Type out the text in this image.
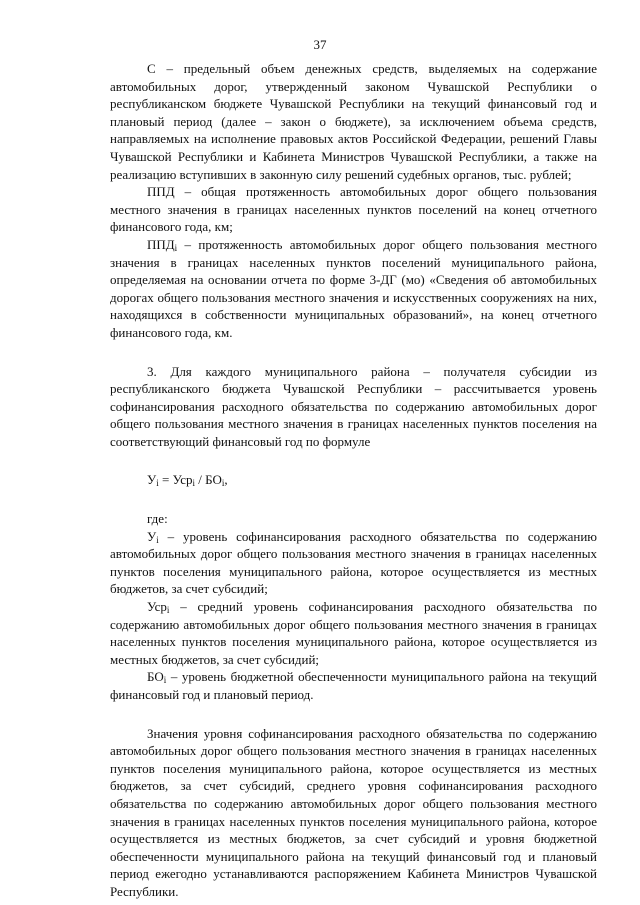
37

С – предельный объем денежных средств, выделяемых на содержание автомобильных дорог, утвержденный законом Чувашской Республики о республиканском бюджете Чувашской Республики на текущий финансовый год и плановый период (далее – закон о бюджете), за исключением объема средств, направляемых на исполнение правовых актов Российской Федерации, решений Главы Чувашской Республики и Кабинета Министров Чувашской Республики, а также на реализацию вступивших в законную силу решений судебных органов, тыс. рублей;

ППД – общая протяженность автомобильных дорог общего пользования местного значения в границах населенных пунктов поселений на конец отчетного финансового года, км;

$ППД_i$ – протяженность автомобильных дорог общего пользования местного значения в границах населенных пунктов поселений муниципального района, определяемая на основании отчета по форме 3-ДГ (мо) «Сведения об автомобильных дорогах общего пользования местного значения и искусственных сооружениях на них, находящихся в собственности муниципальных образований», на конец отчетного финансового года, км.

3. Для каждого муниципального района – получателя субсидии из республиканского бюджета Чувашской Республики – рассчитывается уровень софинансирования расходного обязательства по содержанию автомобильных дорог общего пользования местного значения в границах населенных пунктов поселения на соответствующий финансовый год по формуле

$У_i = Уср_i / БО_i$,

где:

$У_i$ – уровень софинансирования расходного обязательства по содержанию автомобильных дорог общего пользования местного значения в границах населенных пунктов поселения муниципального района, которое осуществляется из местных бюджетов, за счет субсидий;

Уср$_i$ – средний уровень софинансирования расходного обязательства по содержанию автомобильных дорог общего пользования местного значения в границах населенных пунктов поселения муниципального района, которое осуществляется из местных бюджетов, за счет субсидий;

$БО_i$ – уровень бюджетной обеспеченности муниципального района на текущий финансовый год и плановый период.

Значения уровня софинансирования расходного обязательства по содержанию автомобильных дорог общего пользования местного значения в границах населенных пунктов поселения муниципального района, которое осуществляется из местных бюджетов, за счет субсидий, среднего уровня софинансирования расходного обязательства по содержанию автомобильных дорог общего пользования местного значения в границах населенных пунктов поселения муниципального района, которое осуществляется из местных бюджетов, за счет субсидий и уровня бюджетной обеспеченности муниципального района на текущий финансовый год и плановый период ежегодно устанавливаются распоряжением Кабинета Министров Чувашской Республики.
